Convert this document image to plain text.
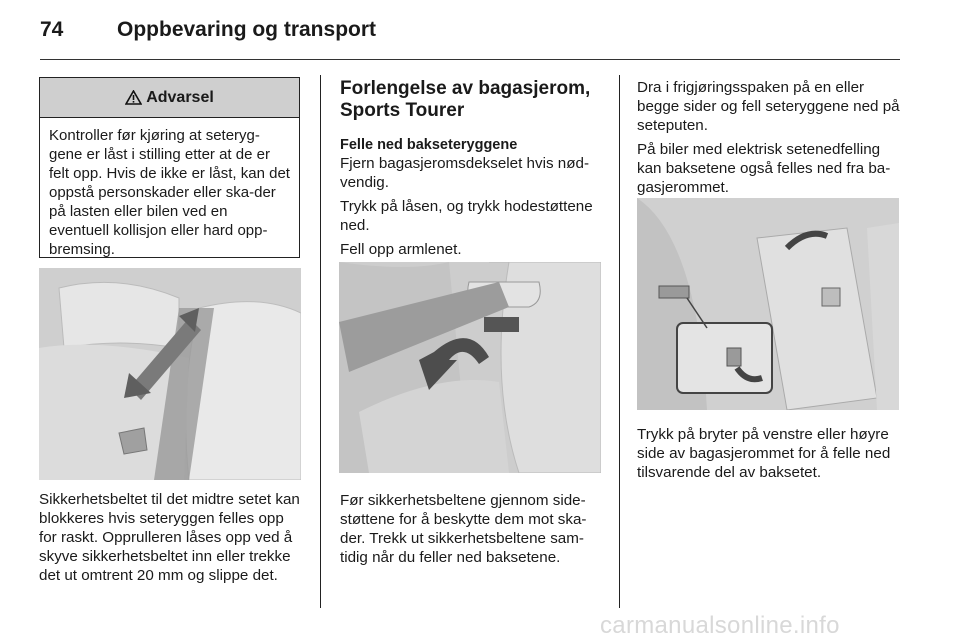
74	Oppbevaring og transport
Advarsel
Kontroller før kjøring at seteryg-gene er låst i stilling etter at de er felt opp. Hvis de ikke er låst, kan det oppstå personskader eller ska-der på lasten eller bilen ved en eventuell kollisjon eller hard opp-bremsing.
Sikkerhetsbeltet til det midtre setet kan blokkeres hvis seteryggen felles opp for raskt. Opprulleren låses opp ved å skyve sikkerhetsbeltet inn eller trekke det ut omtrent 20 mm og slippe det.
Forlengelse av bagasjerom, Sports Tourer
Felle ned bakseteryggene

Fjern bagasjeromsdekselet hvis nød-vendig.

Trykk på låsen, og trykk hodestøttene ned.

Fell opp armlenet.

Før sikkerhetsbeltene gjennom side-støttene for å beskytte dem mot ska-der. Trekk ut sikkerhetsbeltene sam-tidig når du feller ned baksetene.

Dra i frigjøringsspaken på en eller begge sider og fell seteryggene ned på seteputen.

På biler med elektrisk setenedfelling kan baksetene også felles ned fra ba-gasjerommet.

Trykk på bryter på venstre eller høyre side av bagasjerommet for å felle ned tilsvarende del av baksetet.
carmanualsonline.info
